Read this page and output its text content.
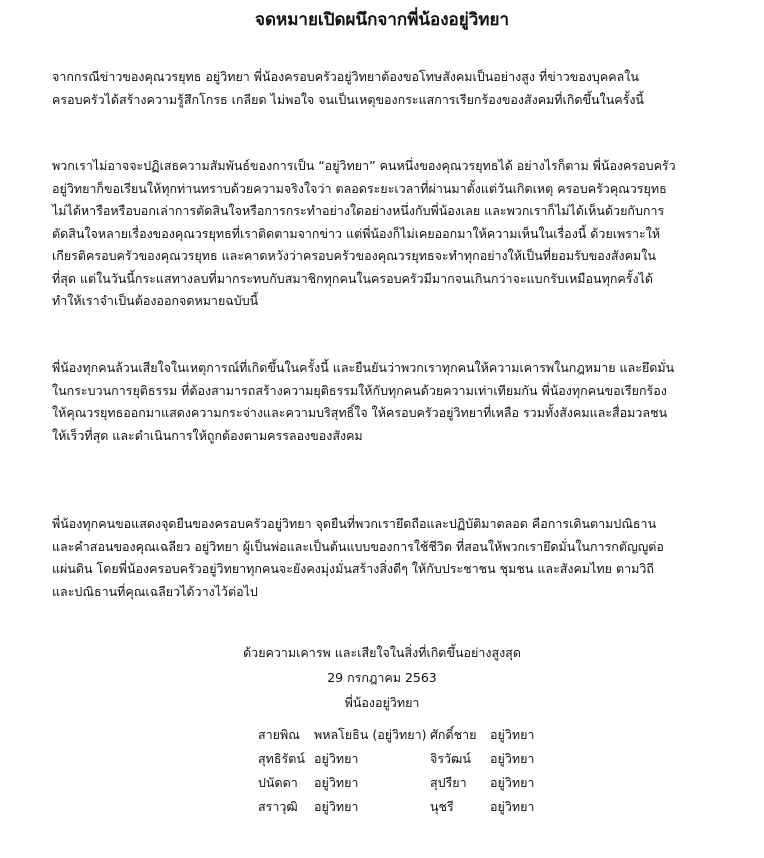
จดหมายเปิดผนึกจากพี่น้องอยู่วิทยา
จากกรณีข่าวของคุณวรยุทธ อยู่วิทยา พี่น้องครอบครัวอยู่วิทยาต้องขอโทษสังคมเป็นอย่างสูง ที่ข่าวของบุคคลใน
ครอบครัวได้สร้างความรู้สึกโกรธ เกลียด ไม่พอใจ จนเป็นเหตุของกระแสการเรียกร้องของสังคมที่เกิดขึ้นในครั้งนี้
พวกเราไม่อาจจะปฏิเสธความสัมพันธ์ของการเป็น “อยู่วิทยา” คนหนึ่งของคุณวรยุทธได้ อย่างไรก็ตาม พี่น้องครอบครัว
อยู่วิทยาก็ขอเรียนให้ทุกท่านทราบด้วยความจริงใจว่า ตลอดระยะเวลาที่ผ่านมาตั้งแต่วันเกิดเหตุ ครอบครัวคุณวรยุทธ
ไม่ได้หารือหรือบอกเล่าการตัดสินใจหรือการกระทำอย่างใดอย่างหนึ่งกับพี่น้องเลย และพวกเราก็ไม่ได้เห็นด้วยกับการ
ตัดสินใจหลายเรื่องของคุณวรยุทธที่เราติดตามจากข่าว แต่พี่น้องก็ไม่เคยออกมาให้ความเห็นในเรื่องนี้ ด้วยเพราะให้
เกียรติครอบครัวของคุณวรยุทธ และคาดหวังว่าครอบครัวของคุณวรยุทธจะทำทุกอย่างให้เป็นที่ยอมรับของสังคมใน
ที่สุด แต่ในวันนี้กระแสทางลบที่มากระทบกับสมาชิกทุกคนในครอบครัวมีมากจนเกินกว่าจะแบกรับเหมือนทุกครั้งได้
ทำให้เราจำเป็นต้องออกจดหมายฉบับนี้
พี่น้องทุกคนล้วนเสียใจในเหตุการณ์ที่เกิดขึ้นในครั้งนี้ และยืนยันว่าพวกเราทุกคนให้ความเคารพในกฎหมาย และยึดมั่น
ในกระบวนการยุติธรรม ที่ต้องสามารถสร้างความยุติธรรมให้กับทุกคนด้วยความเท่าเทียมกัน พี่น้องทุกคนขอเรียกร้อง
ให้คุณวรยุทธออกมาแสดงความกระจ่างและความบริสุทธิ์ใจ ให้ครอบครัวอยู่วิทยาที่เหลือ รวมทั้งสังคมและสื่อมวลชน
ให้เร็วที่สุด และดำเนินการให้ถูกต้องตามครรลองของสังคม
พี่น้องทุกคนขอแสดงจุดยืนของครอบครัวอยู่วิทยา จุดยืนที่พวกเรายึดถือและปฏิบัติมาตลอด คือการเดินตามปณิธาน
และคำสอนของคุณเฉลียว อยู่วิทยา ผู้เป็นพ่อและเป็นต้นแบบของการใช้ชีวิต ที่สอนให้พวกเรายึดมั่นในการกตัญญูต่อ
แผ่นดิน โดยพี่น้องครอบครัวอยู่วิทยาทุกคนจะยังคงมุ่งมั่นสร้างสิ่งดีๆ ให้กับประชาชน ชุมชน และสังคมไทย ตามวิถี
และปณิธานที่คุณเฉลียวได้วางไว้ต่อไป
ด้วยความเคารพ และเสียใจในสิ่งที่เกิดขึ้นอย่างสูงสุด
29 กรกฎาคม 2563
พี่น้องอยู่วิทยา
สายพิณ พหลโยธิน (อยู่วิทยา) ศักดิ์ชาย อยู่วิทยา
สุทธิรัตน์ อยู่วิทยา	จิรวัฒน์ อยู่วิทยา
ปนัดดา อยู่วิทยา	สุปรียา อยู่วิทยา
สราวุฒิ อยู่วิทยา	นุชรี	อยู่วิทยา
